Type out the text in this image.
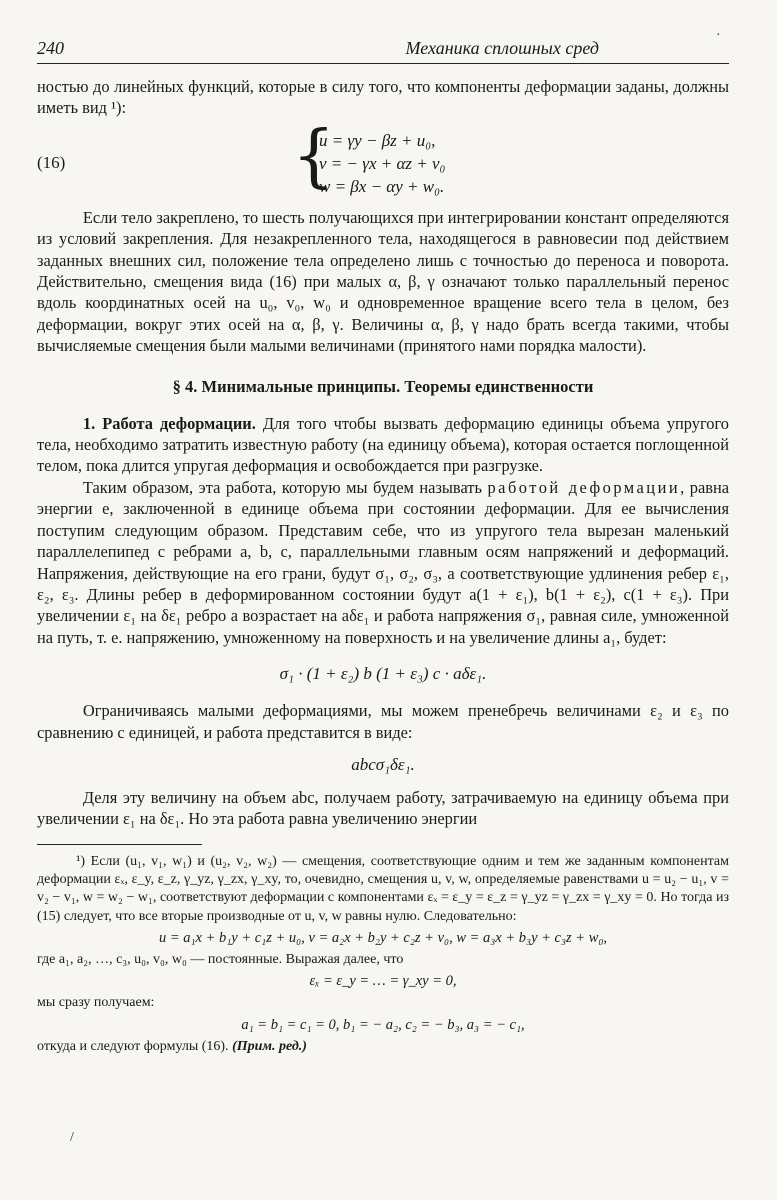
·
240	Механика сплошных сред

ностью до линейных функций, которые в силу того, что компоненты деформации заданы, должны иметь вид ¹):

(16)	{
u = γy − βz + u₀,
v = − γx + αz + v₀
w = βx − αy + w₀.

Если тело закреплено, то шесть получающихся при интегрировании констант определяются из условий закрепления. Для незакрепленного тела, находящегося в равновесии под действием заданных внешних сил, положение тела определено лишь с точностью до переноса и поворота. Действительно, смещения вида (16) при малых α, β, γ означают только параллельный перенос вдоль координатных осей на u₀, v₀, w₀ и одновременное вращение всего тела в целом, без деформации, вокруг этих осей на α, β, γ. Величины α, β, γ надо брать всегда такими, чтобы вычисляемые смещения были малыми величинами (принятого нами порядка малости).

§ 4. Минимальные принципы. Теоремы единственности

1. Работа деформации. Для того чтобы вызвать деформацию единицы объема упругого тела, необходимо затратить известную работу (на единицу объема), которая остается поглощенной телом, пока длится упругая деформация и освобождается при разгрузке.

Таким образом, эта работа, которую мы будем называть работой деформации, равна энергии e, заключенной в единице объема при состоянии деформации. Для ее вычисления поступим следующим образом. Представим себе, что из упругого тела вырезан маленький параллелепипед с ребрами a, b, c, параллельными главным осям напряжений и деформаций. Напряжения, действующие на его грани, будут σ₁, σ₂, σ₃, а соответствующие удлинения ребер ε₁, ε₂, ε₃. Длины ребер в деформированном состоянии будут a(1 + ε₁), b(1 + ε₂), c(1 + ε₃). При увеличении ε₁ на δε₁ ребро a возрастает на aδε₁ и работа напряжения σ₁, равная силе, умноженной на путь, т. е. напряжению, умноженному на поверхность и на увеличение длины a₁, будет:

σ₁ · (1 + ε₂) b (1 + ε₃) c · aδε₁.

Ограничиваясь малыми деформациями, мы можем пренебречь величинами ε₂ и ε₃ по сравнению с единицей, и работа представится в виде:

abcσ₁δε₁.

Деля эту величину на объем abc, получаем работу, затрачиваемую на единицу объема при увеличении ε₁ на δε₁. Но эта работа равна увеличению энергии

¹) Если (u₁, v₁, w₁) и (u₂, v₂, w₂) — смещения, соответствующие одним и тем же заданным компонентам деформации εₓ, ε_y, ε_z, γ_yz, γ_zx, γ_xy, то, очевидно, смещения u, v, w, определяемые равенствами u = u₂ − u₁, v = v₂ − v₁, w = w₂ − w₁, соответствуют деформации с компонентами εₓ = ε_y = ε_z = γ_yz = γ_zx = γ_xy = 0. Но тогда из (15) следует, что все вторые производные от u, v, w равны нулю. Следовательно:

u = a₁x + b₁y + c₁z + u₀, v = a₂x + b₂y + c₂z + v₀, w = a₃x + b₃y + c₃z + w₀,

где a₁, a₂, …, c₃, u₀, v₀, w₀ — постоянные. Выражая далее, что

εₓ = ε_y = … = γ_xy = 0,

мы сразу получаем:

a₁ = b₁ = c₁ = 0, b₁ = − a₂, c₂ = − b₃, a₃ = − c₁,

откуда и следуют формулы (16). (Прим. ред.)

/
